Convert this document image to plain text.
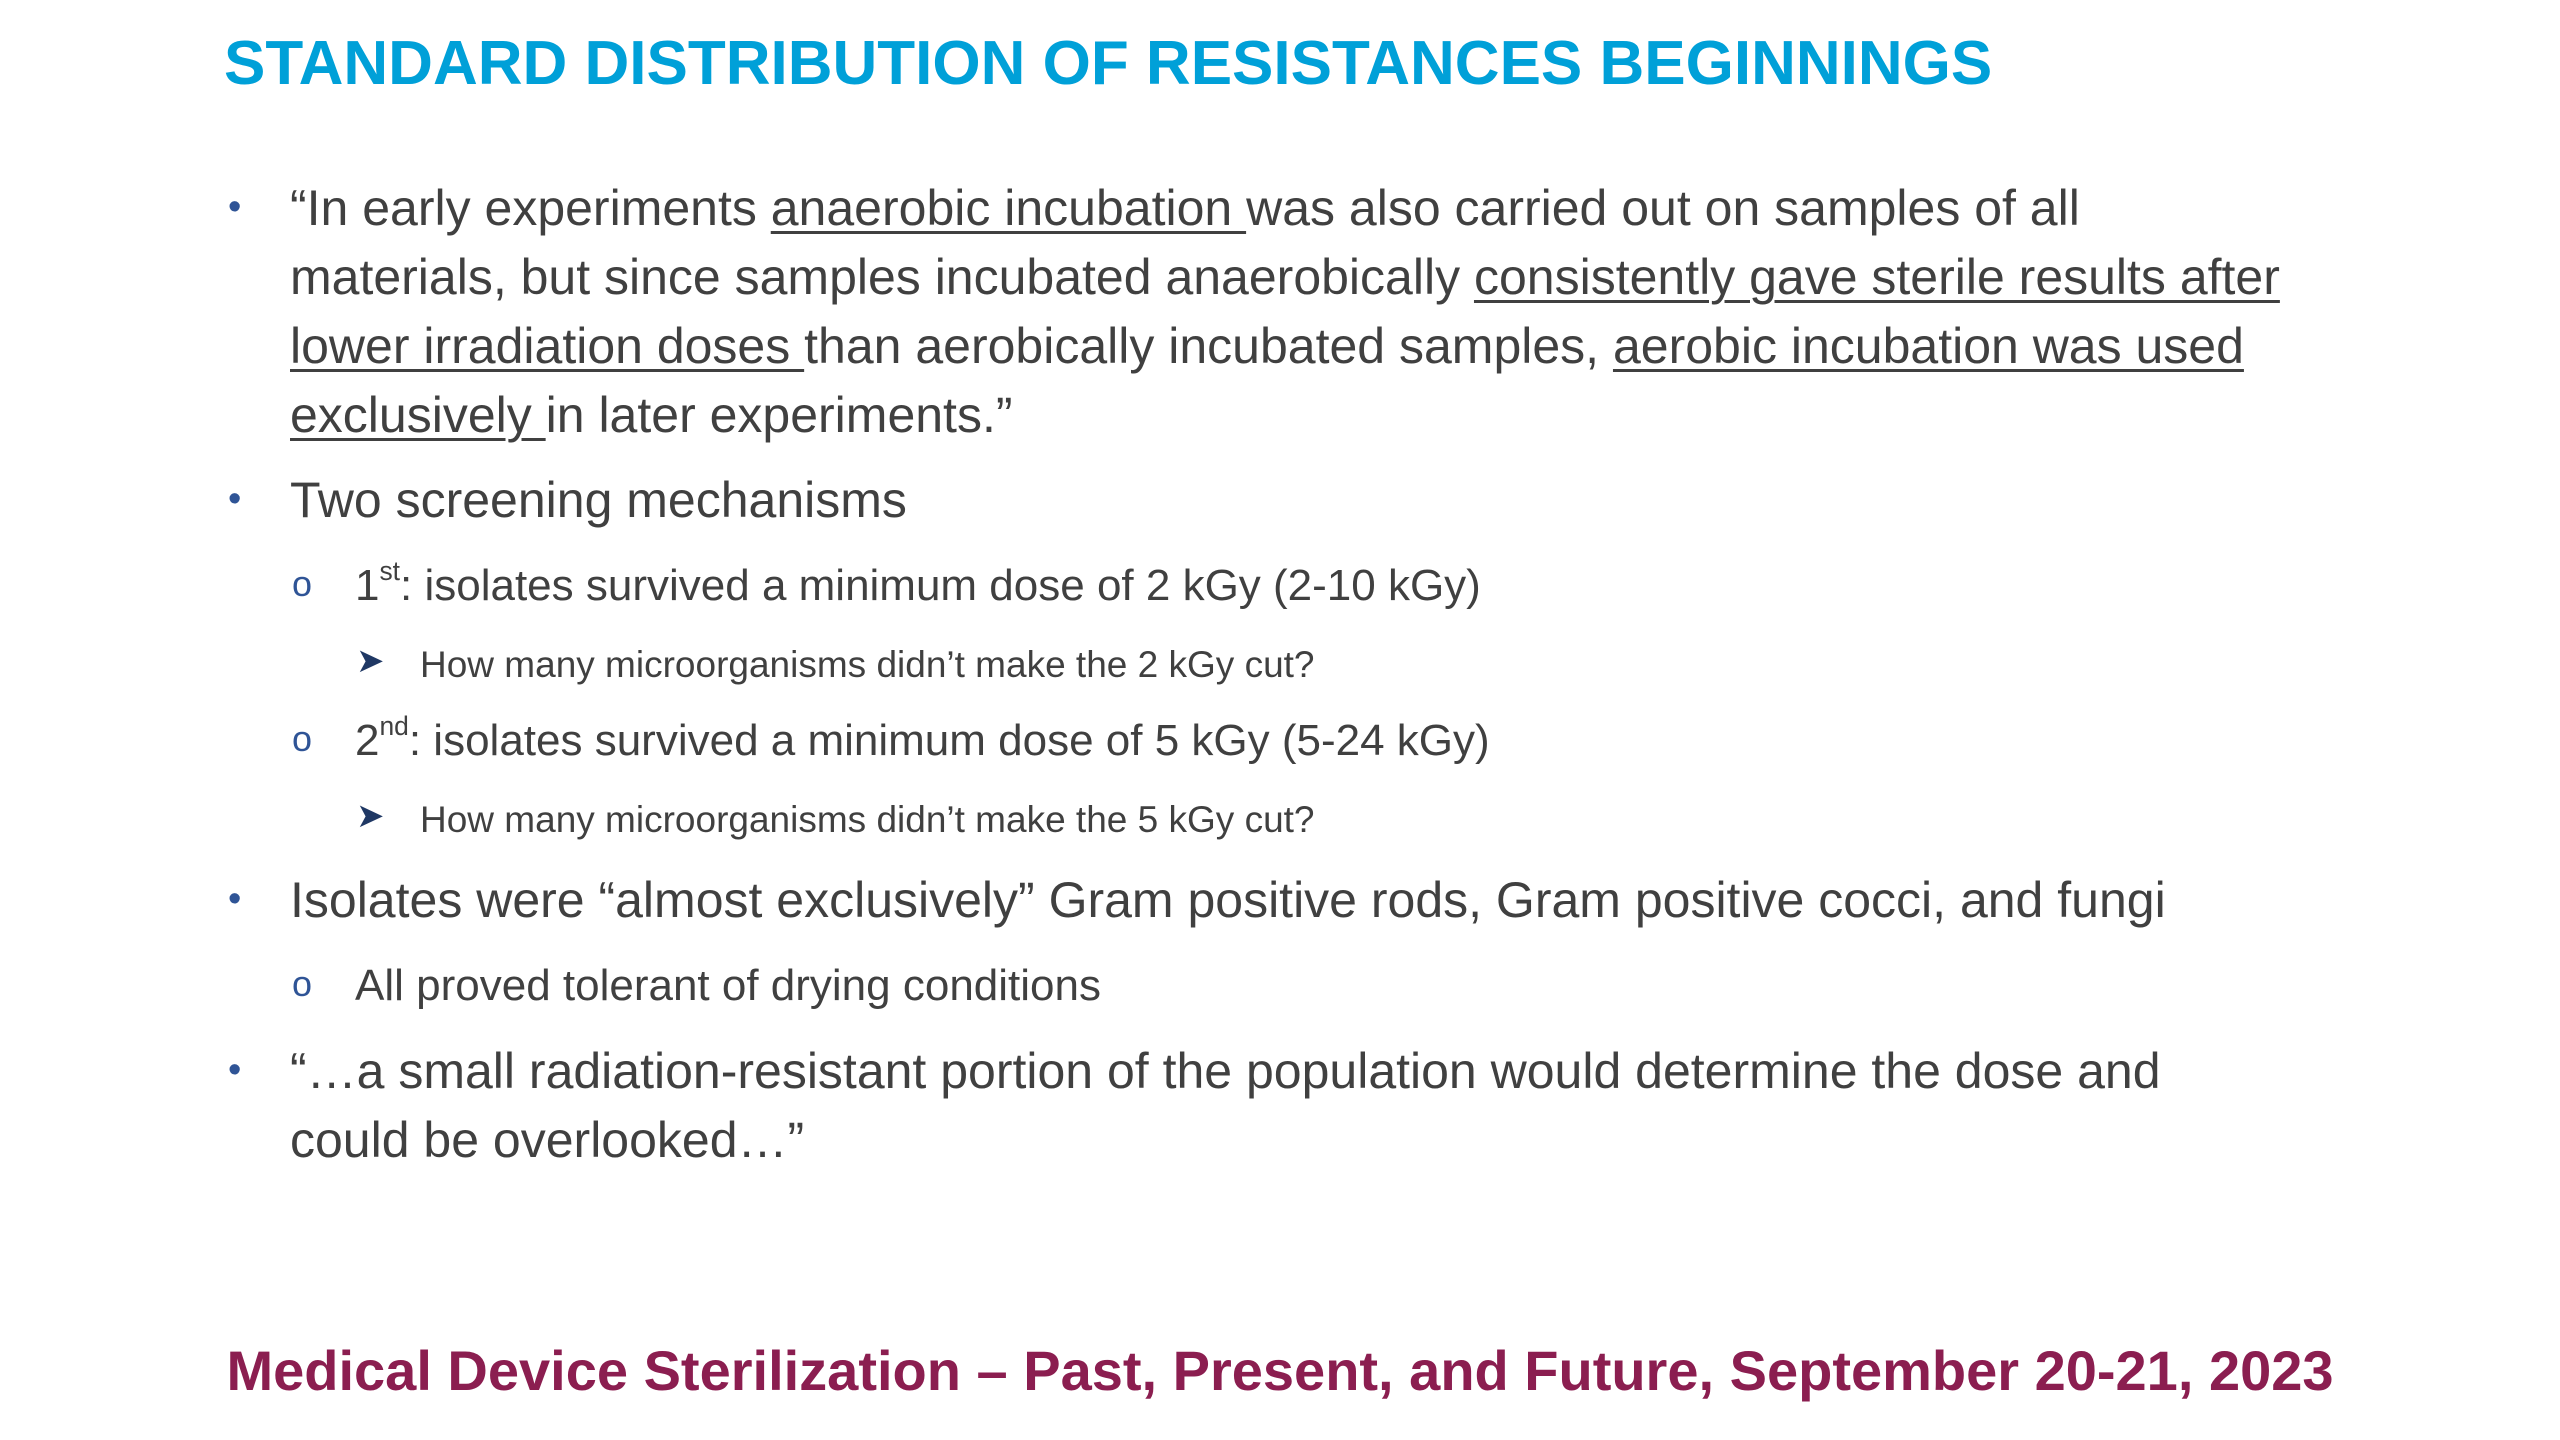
STANDARD DISTRIBUTION OF RESISTANCES BEGINNINGS
• “In early experiments anaerobic incubation was also carried out on samples of all
materials, but since samples incubated anaerobically consistently gave sterile results after
lower irradiation doses than aerobically incubated samples, aerobic incubation was used
exclusively in later experiments.”
• Two screening mechanisms
o 1st: isolates survived a minimum dose of 2 kGy (2-10 kGy)
➤ How many microorganisms didn’t make the 2 kGy cut?
o 2nd: isolates survived a minimum dose of 5 kGy (5-24 kGy)
➤ How many microorganisms didn’t make the 5 kGy cut?
• Isolates were “almost exclusively” Gram positive rods, Gram positive cocci, and fungi
o All proved tolerant of drying conditions
• “…a small radiation-resistant portion of the population would determine the dose and
could be overlooked…”

Medical Device Sterilization – Past, Present, and Future, September 20-21, 2023
